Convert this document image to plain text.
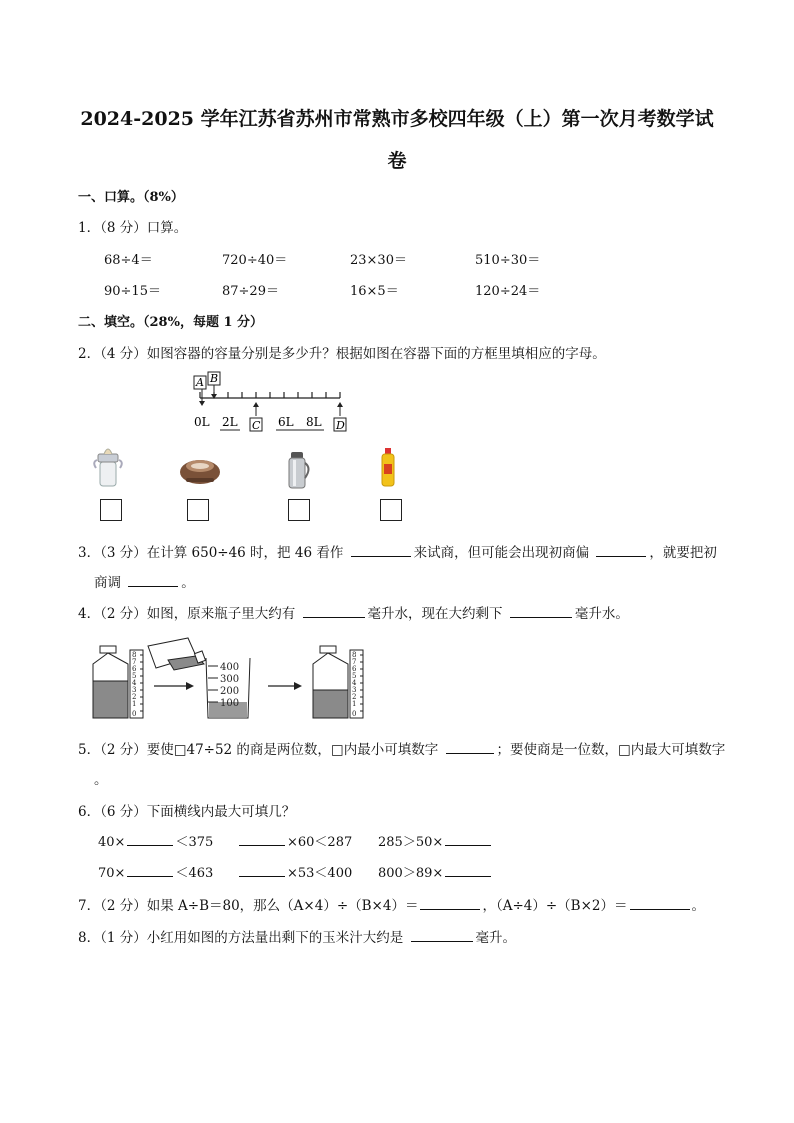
2024-2025 学年江苏省苏州市常熟市多校四年级（上）第一次月考数学试
卷
一、口算。（8%）
1．（8 分）口算。
68÷4＝	720÷40＝	23×30＝	510÷30＝
90÷15＝	87÷29＝	16×5＝	120÷24＝
二、填空。（28%，每题 1 分）
2．（4 分）如图容器的容量分别是多少升？根据如图在容器下面的方框里填相应的字母。
A B
0L 2L	6L 8L
C	D
3．（3 分）在计算 650÷46 时，把 46 看作	来试商，但可能会出现初商偏	，就要把初
商调	。
4．（2 分）如图，原来瓶子里大约有	毫升水，现在大约剩下	毫升水。
8
7
6
5
4
3
2
1
0
400
300
200
100
8
7
6
5
4
3
2
1
0
5．（2 分）要使□47÷52 的商是两位数，□内最小可填数字	；要使商是一位数，□内最大可填数字
。
6．（6 分）下面横线内最大可填几？
40×	＜375	×60＜287 285＞50×
70×	＜463	×53＜400 800＞89×
7．（2 分）如果 A÷B＝80，那么（A×4）÷（B×4）＝	，（A÷4）÷（B×2）＝	。
8．（1 分）小红用如图的方法量出剩下的玉米汁大约是	毫升。
